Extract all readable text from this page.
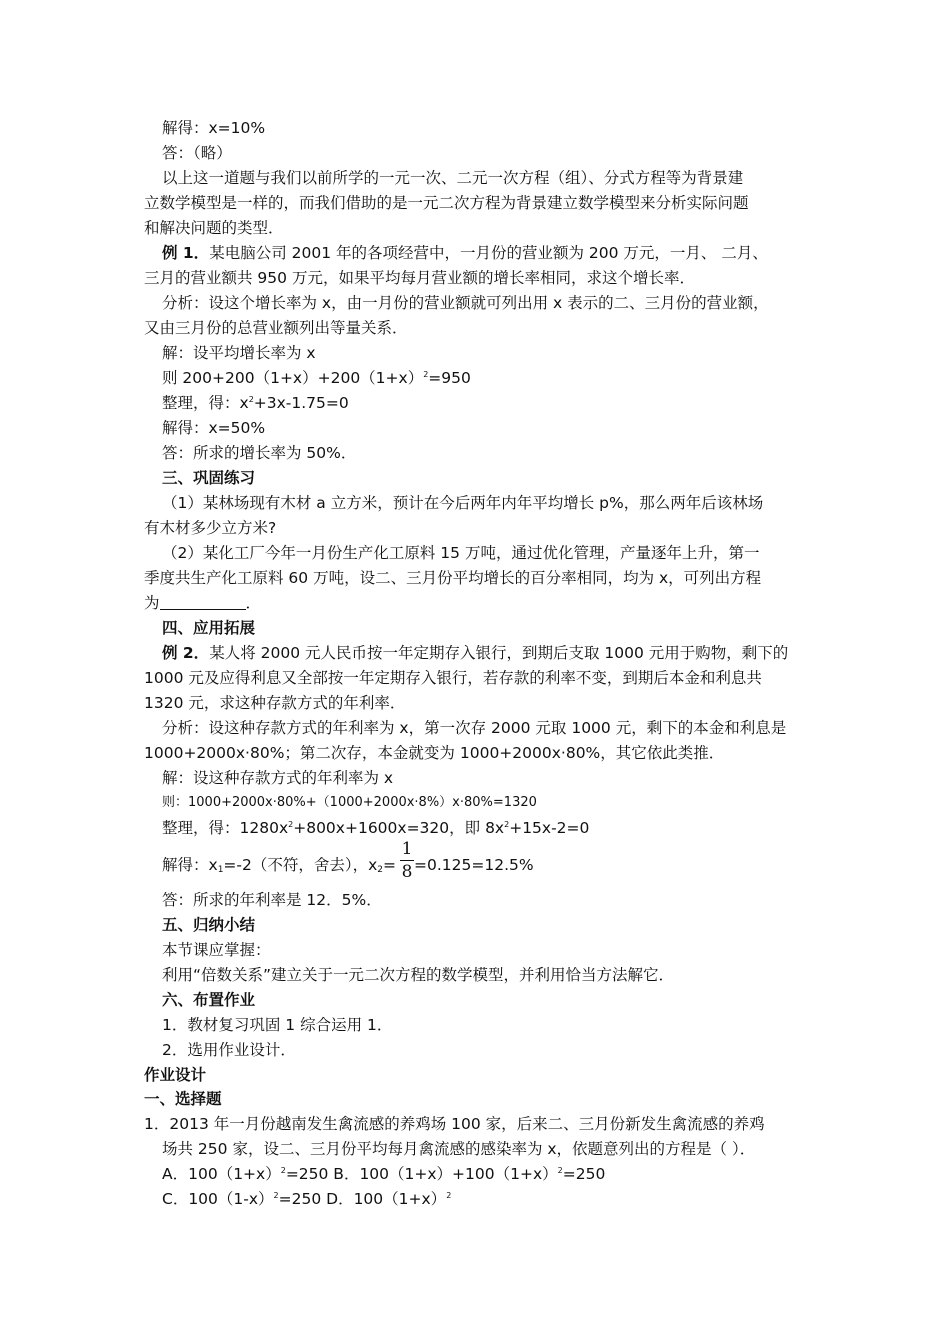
解得：x=10%
答：（略）
以上这一道题与我们以前所学的一元一次、二元一次方程（组）、分式方程等为背景建
立数学模型是一样的，而我们借助的是一元二次方程为背景建立数学模型来分析实际问题
和解决问题的类型．
例 1．某电脑公司 2001 年的各项经营中，一月份的营业额为 200 万元，一月、 二月、
三月的营业额共 950 万元，如果平均每月营业额的增长率相同，求这个增长率．
分析：设这个增长率为 x，由一月份的营业额就可列出用 x 表示的二、三月份的营业额，
又由三月份的总营业额列出等量关系．
解：设平均增长率为 x
则 $200+200(1+x)+200(1+x)^2=950$
整理，得：$x^2+3x-1.75=0$
解得：x=50%
答：所求的增长率为 50%．
三、巩固练习
（1）某林场现有木材 a 立方米，预计在今后两年内年平均增长 p%，那么两年后该林场
有木材多少立方米?
（2）某化工厂今年一月份生产化工原料 15 万吨，通过优化管理，产量逐年上升，第一
季度共生产化工原料 60 万吨，设二、三月份平均增长的百分率相同，均为 x，可列出方程
为	．
四、应用拓展
例 2．某人将 2000 元人民币按一年定期存入银行，到期后支取 1000 元用于购物，剩下的
1000 元及应得利息又全部按一年定期存入银行，若存款的利率不变，到期后本金和利息共
1320 元，求这种存款方式的年利率．
分析：设这种存款方式的年利率为 x，第一次存 2000 元取 1000 元，剩下的本金和利息是
1000+2000x·80%；第二次存，本金就变为 1000+2000x·80%，其它依此类推．
解：设这种存款方式的年利率为 x
则：1000+2000x·80%+（1000+2000x·8%）x·80%=1320
整理，得：$1280x^2+800x+1600x=320$，即 $8x^2+15x-2=0$
解得：$x_1=-2$（不符，舍去），$x_2= =0.125=12.5\%$
1
8
答：所求的年利率是 12．5%．
五、归纳小结
本节课应掌握：
利用“倍数关系”建立关于一元二次方程的数学模型，并利用恰当方法解它．
六、布置作业
1．教材复习巩固 1 综合运用 1．
2．选用作业设计．
作业设计
一、选择题
1．2013 年一月份越南发生禽流感的养鸡场 100 家，后来二、三月份新发生禽流感的养鸡
场共 250 家，设二、三月份平均每月禽流感的感染率为 x，依题意列出的方程是（ ）．
A．$100(1+x)^2=250$ B．$100(1+x)+100(1+x)^2=250$
C．$100(1-x)^2=250$ D．$100(1+x)^2$
